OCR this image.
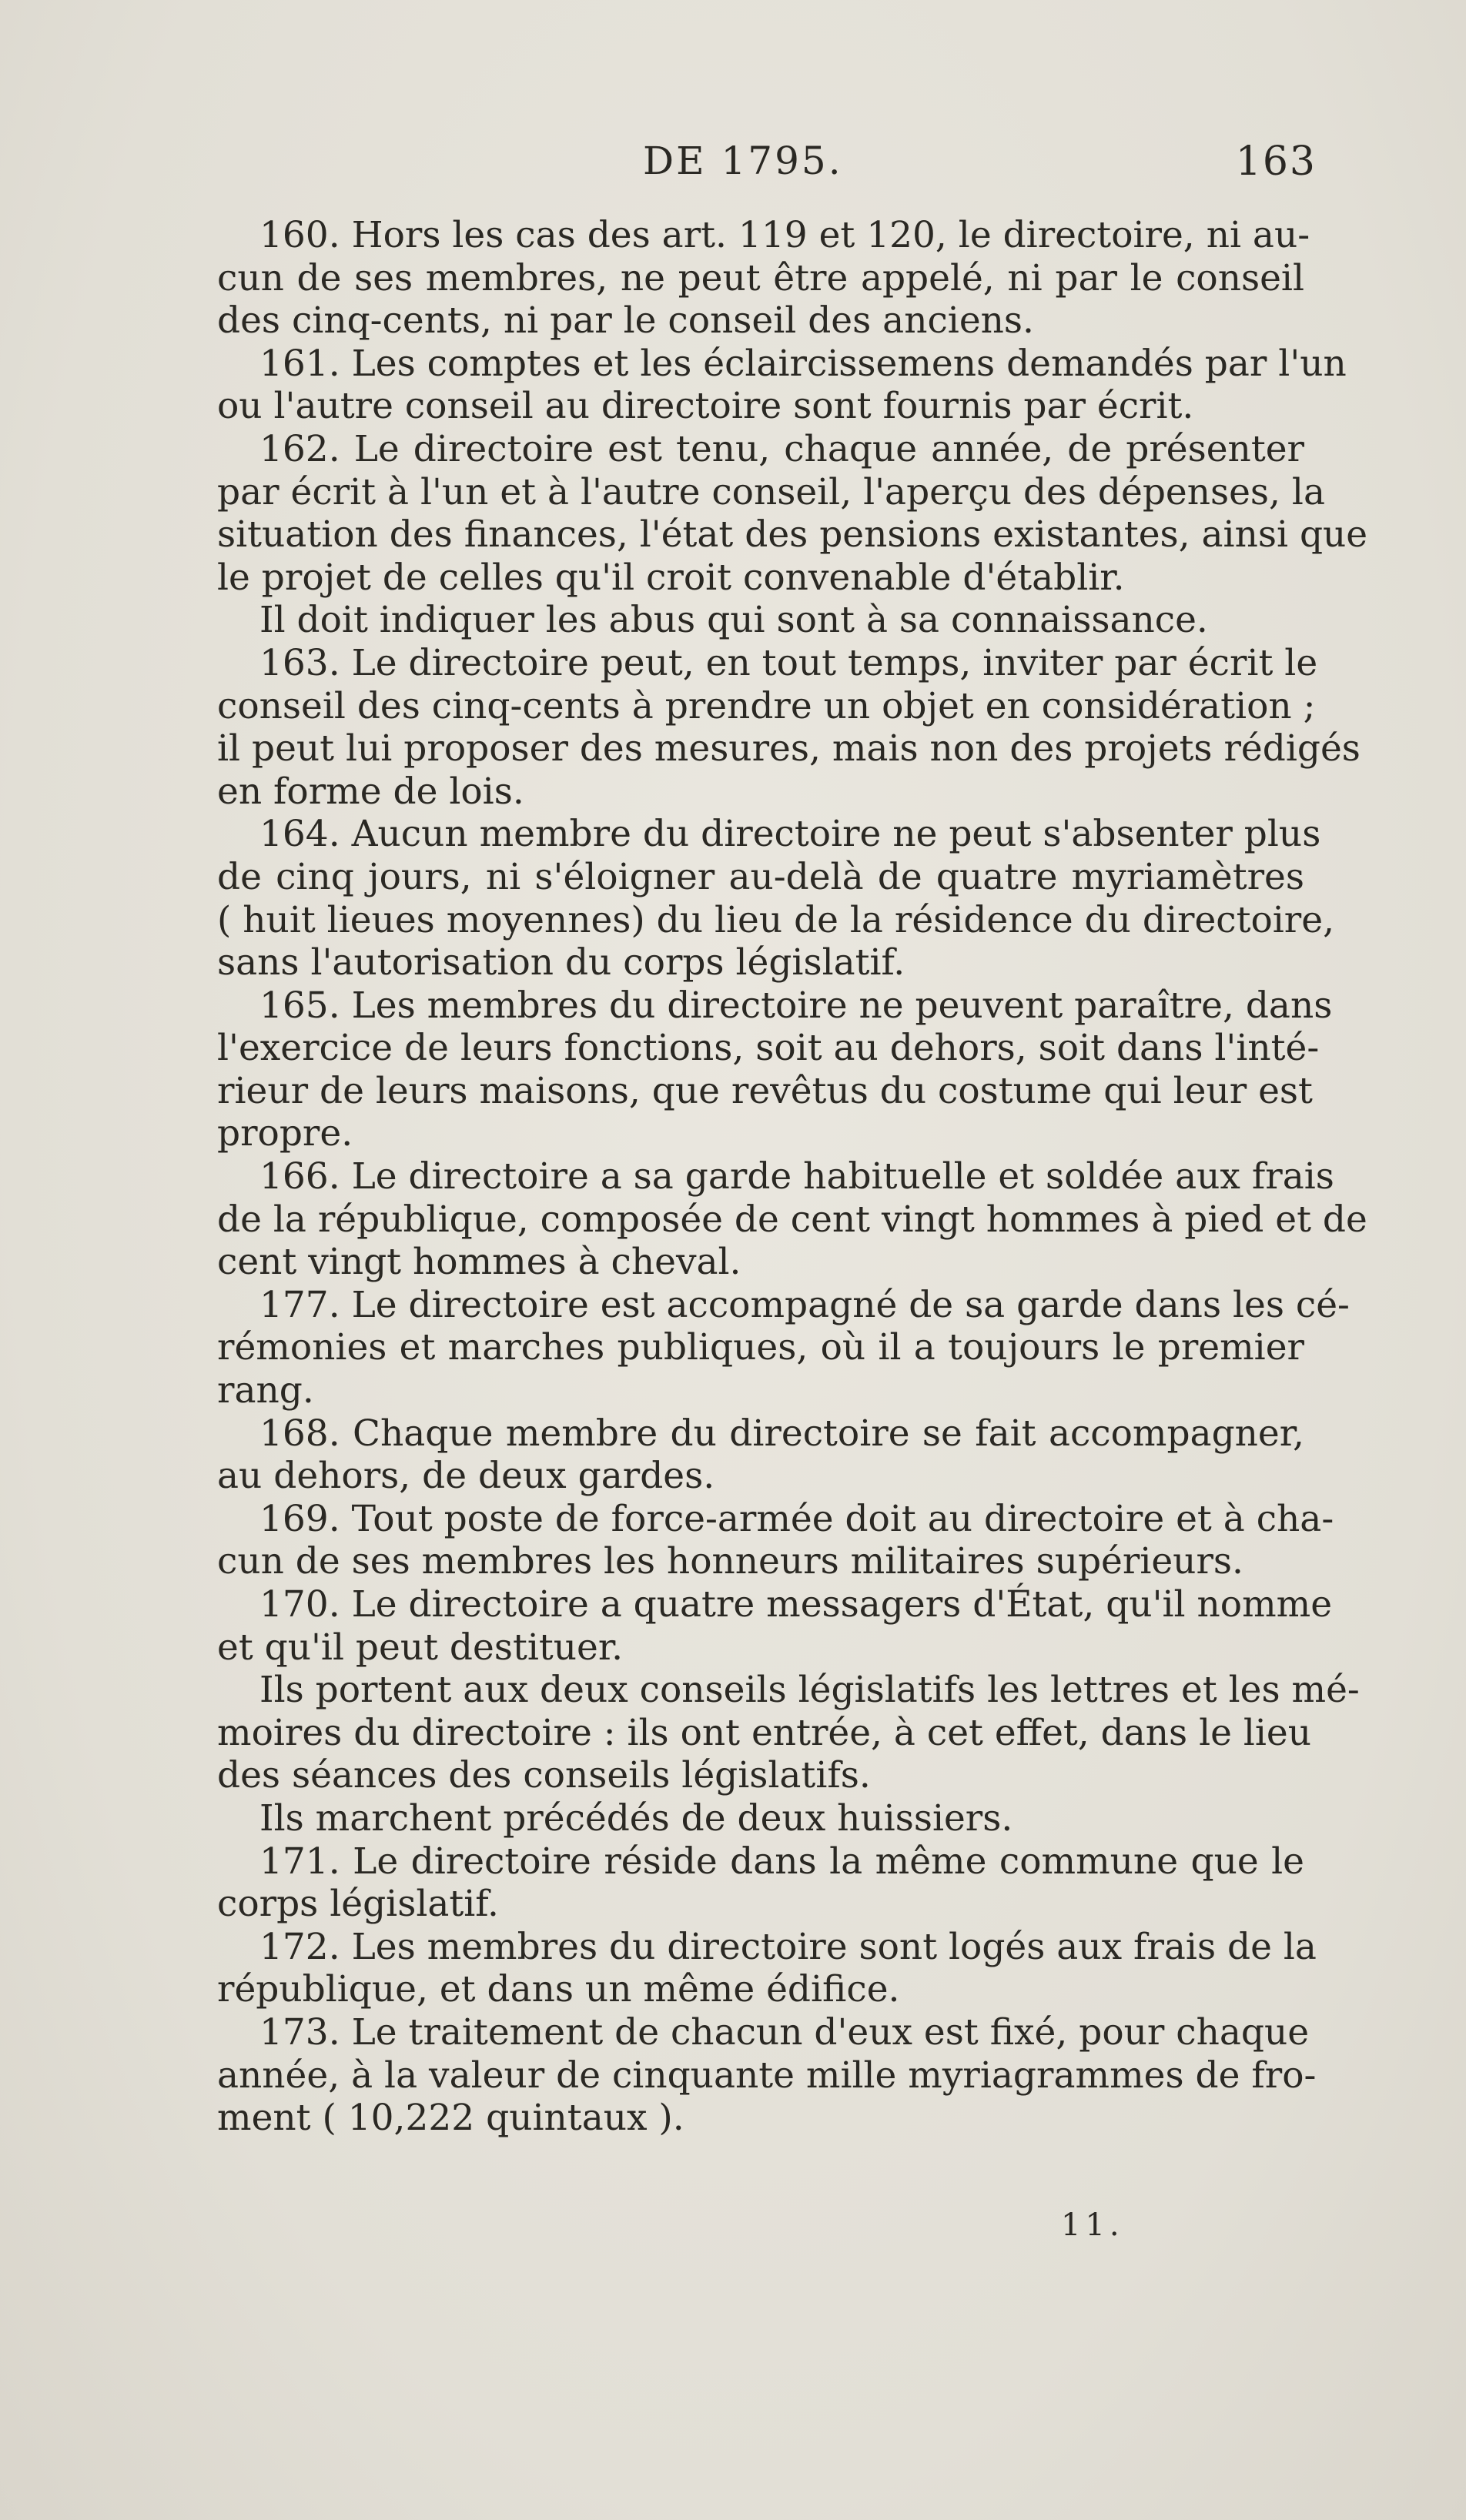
DE 1795.	163
160. Hors les cas des art. 119 et 120, le directoire, ni au-
cun de ses membres, ne peut être appelé, ni par le conseil
des cinq-cents, ni par le conseil des anciens.
161. Les comptes et les éclaircissemens demandés par l'un
ou l'autre conseil au directoire sont fournis par écrit.
162. Le directoire est tenu, chaque année, de présenter
par écrit à l'un et à l'autre conseil, l'aperçu des dépenses, la
situation des finances, l'état des pensions existantes, ainsi que
le projet de celles qu'il croit convenable d'établir.
Il doit indiquer les abus qui sont à sa connaissance.
163. Le directoire peut, en tout temps, inviter par écrit le
conseil des cinq-cents à prendre un objet en considération ;
il peut lui proposer des mesures, mais non des projets rédigés
en forme de lois.
164. Aucun membre du directoire ne peut s'absenter plus
de cinq jours, ni s'éloigner au-delà de quatre myriamètres
( huit lieues moyennes) du lieu de la résidence du directoire,
sans l'autorisation du corps législatif.
165. Les membres du directoire ne peuvent paraître, dans
l'exercice de leurs fonctions, soit au dehors, soit dans l'inté-
rieur de leurs maisons, que revêtus du costume qui leur est
propre.
166. Le directoire a sa garde habituelle et soldée aux frais
de la république, composée de cent vingt hommes à pied et de
cent vingt hommes à cheval.
177. Le directoire est accompagné de sa garde dans les cé-
rémonies et marches publiques, où il a toujours le premier
rang.
168. Chaque membre du directoire se fait accompagner,
au dehors, de deux gardes.
169. Tout poste de force-armée doit au directoire et à cha-
cun de ses membres les honneurs militaires supérieurs.
170. Le directoire a quatre messagers d'État, qu'il nomme
et qu'il peut destituer.
Ils portent aux deux conseils législatifs les lettres et les mé-
moires du directoire : ils ont entrée, à cet effet, dans le lieu
des séances des conseils législatifs.
Ils marchent précédés de deux huissiers.
171. Le directoire réside dans la même commune que le
corps législatif.
172. Les membres du directoire sont logés aux frais de la
république, et dans un même édifice.
173. Le traitement de chacun d'eux est fixé, pour chaque
année, à la valeur de cinquante mille myriagrammes de fro-
ment ( 10,222 quintaux ).
11.
